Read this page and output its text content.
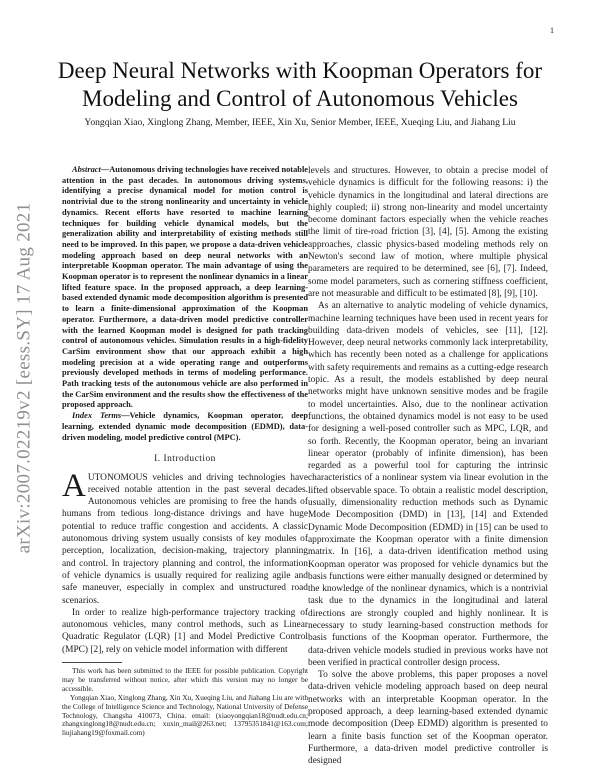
1
arXiv:2007.02219v2 [eess.SY] 17 Aug 2021
Deep Neural Networks with Koopman Operators for Modeling and Control of Autonomous Vehicles
Yongqian Xiao, Xinglong Zhang, Member, IEEE, Xin Xu, Senior Member, IEEE, Xueqing Liu, and Jiahang Liu

Abstract—Autonomous driving technologies have received notable attention in the past decades. In autonomous driving systems, identifying a precise dynamical model for motion control is nontrivial due to the strong nonlinearity and uncertainty in vehicle dynamics. Recent efforts have resorted to machine learning techniques for building vehicle dynamical models, but the generalization ability and interpretability of existing methods still need to be improved. In this paper, we propose a data-driven vehicle modeling approach based on deep neural networks with an interpretable Koopman operator. The main advantage of using the Koopman operator is to represent the nonlinear dynamics in a linear lifted feature space. In the proposed approach, a deep learning-based extended dynamic mode decomposition algorithm is presented to learn a finite-dimensional approximation of the Koopman operator. Furthermore, a data-driven model predictive controller with the learned Koopman model is designed for path tracking control of autonomous vehicles. Simulation results in a high-fidelity CarSim environment show that our approach exhibit a high modeling precision at a wide operating range and outperforms previously developed methods in terms of modeling performance. Path tracking tests of the autonomous vehicle are also performed in the CarSim environment and the results show the effectiveness of the proposed approach.

Index Terms—Vehicle dynamics, Koopman operator, deep learning, extended dynamic mode decomposition (EDMD), data-driven modeling, model predictive control (MPC).

I. Introduction

AUTONOMOUS vehicles and driving technologies have received notable attention in the past several decades. Autonomous vehicles are promising to free the hands of humans from tedious long-distance drivings and have huge potential to reduce traffic congestion and accidents. A classic autonomous driving system usually consists of key modules of perception, localization, decision-making, trajectory planning and control. In trajectory planning and control, the information of vehicle dynamics is usually required for realizing agile and safe maneuver, especially in complex and unstructured road scenarios.

In order to realize high-performance trajectory tracking of autonomous vehicles, many control methods, such as Linear Quadratic Regulator (LQR) [1] and Model Predictive Control (MPC) [2], rely on vehicle model information with different

This work has been submitted to the IEEE for possible publication. Copyright may be transferred without notice, after which this version may no longer be accessible.

Yongqian Xiao, Xinglong Zhang, Xin Xu, Xueqing Liu, and Jiahang Liu are with the College of Intelligence Science and Technology, National University of Defense Technology, Changsha 410073, China. email: (xiaoyongqian18@nudt.edu.cn; zhangxinglong18@nudt.edu.cn; xuxin_mail@263.net; 13795351841@163.com; liujiahang19@foxmail.com)

levels and structures. However, to obtain a precise model of vehicle dynamics is difficult for the following reasons: i) the vehicle dynamics in the longitudinal and lateral directions are highly coupled; ii) strong non-linearity and model uncertainty become dominant factors especially when the vehicle reaches the limit of tire-road friction [3], [4], [5]. Among the existing approaches, classic physics-based modeling methods rely on Newton's second law of motion, where multiple physical parameters are required to be determined, see [6], [7]. Indeed, some model parameters, such as cornering stiffness coefficient, are not measurable and difficult to be estimated [8], [9], [10].

As an alternative to analytic modeling of vehicle dynamics, machine learning techniques have been used in recent years for building data-driven models of vehicles, see [11], [12]. However, deep neural networks commonly lack interpretability, which has recently been noted as a challenge for applications with safety requirements and remains as a cutting-edge research topic. As a result, the models established by deep neural networks might have unknown sensitive modes and be fragile to model uncertainties. Also, due to the nonlinear activation functions, the obtained dynamics model is not easy to be used for designing a well-posed controller such as MPC, LQR, and so forth. Recently, the Koopman operator, being an invariant linear operator (probably of infinite dimension), has been regarded as a powerful tool for capturing the intrinsic characteristics of a nonlinear system via linear evolution in the lifted observable space. To obtain a realistic model description, usually, dimensionality reduction methods such as Dynamic Mode Decomposition (DMD) in [13], [14] and Extended Dynamic Mode Decomposition (EDMD) in [15] can be used to approximate the Koopman operator with a finite dimension matrix. In [16], a data-driven identification method using Koopman operator was proposed for vehicle dynamics but the basis functions were either manually designed or determined by the knowledge of the nonlinear dynamics, which is a nontrivial task due to the dynamics in the longitudinal and lateral directions are strongly coupled and highly nonlinear. It is necessary to study learning-based construction methods for basis functions of the Koopman operator. Furthermore, the data-driven vehicle models studied in previous works have not been verified in practical controller design process.

To solve the above problems, this paper proposes a novel data-driven vehicle modeling approach based on deep neural networks with an interpretable Koopman operator. In the proposed approach, a deep learning-based extended dynamic mode decomposition (Deep EDMD) algorithm is presented to learn a finite basis function set of the Koopman operator. Furthermore, a data-driven model predictive controller is designed
